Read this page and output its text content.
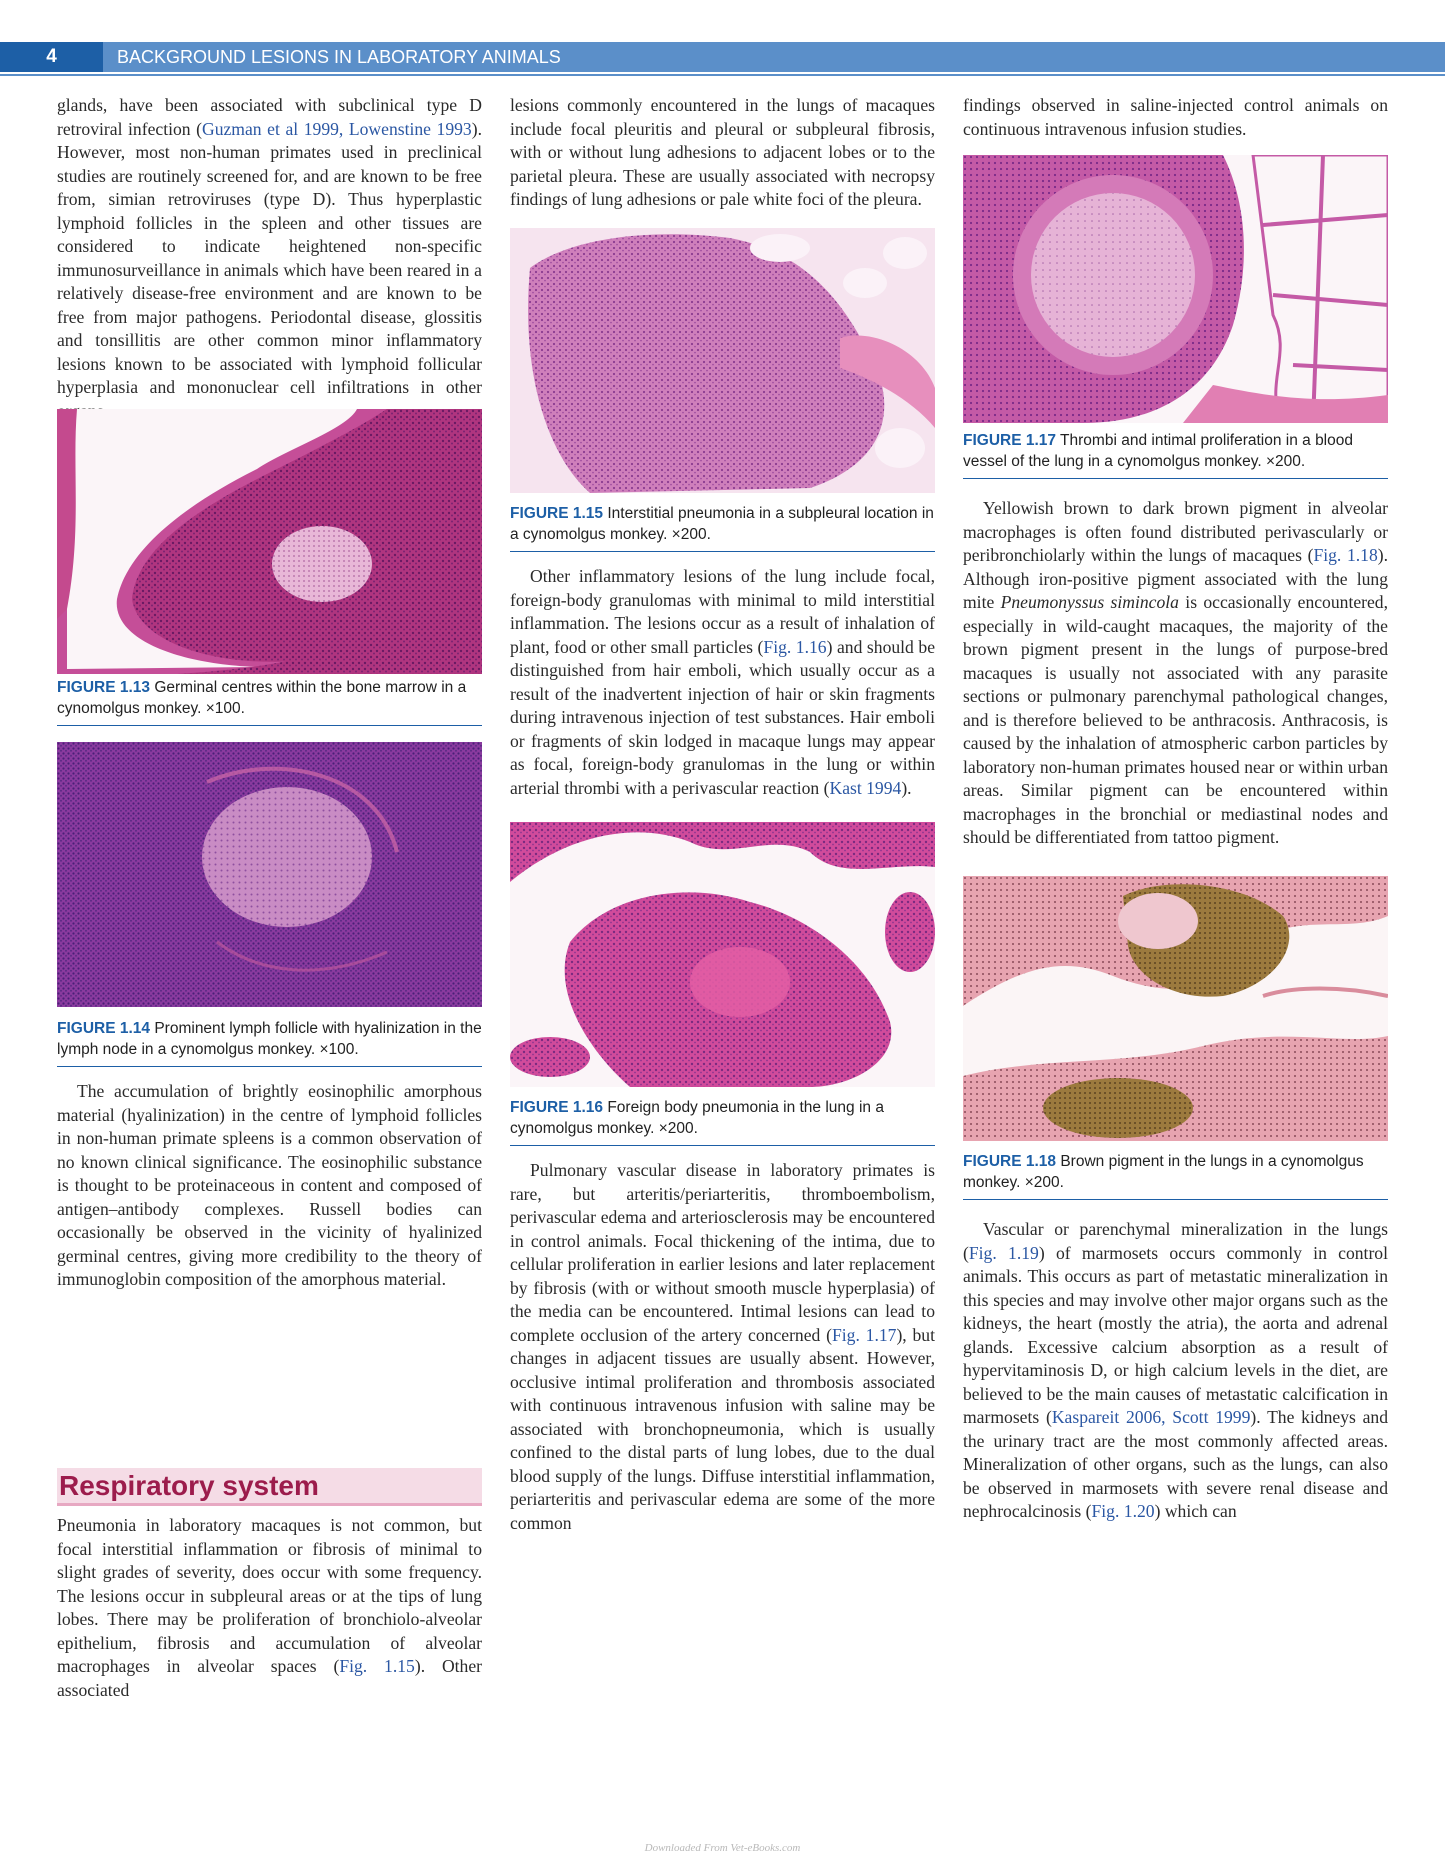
4	BACKGROUND LESIONS IN LABORATORY ANIMALS

glands, have been associated with subclinical type D retroviral infection (Guzman et al 1999, Lowenstine 1993). However, most non-human primates used in preclinical studies are routinely screened for, and are known to be free from, simian retroviruses (type D). Thus hyperplastic lymphoid follicles in the spleen and other tissues are considered to indicate heightened non-specific immunosurveillance in animals which have been reared in a relatively disease-free environment and are known to be free from major pathogens. Periodontal disease, glossitis and tonsillitis are other common minor inflammatory lesions known to be associated with lymphoid follicular hyperplasia and mononuclear cell infiltrations in other

FIGURE 1.13 Germinal centres within the bone marrow in a cynomolgus monkey. ×100.
FIGURE 1.14 Prominent lymph follicle with hyalinization in the lymph node in a cynomolgus monkey. ×100.

The accumulation of brightly eosinophilic amorphous material (hyalinization) in the centre of lymphoid follicles in non-human primate spleens is a common observation of no known clinical significance. The eosinophilic substance is thought to be proteinaceous in content and composed of antigen–antibody complexes. Russell bodies can occasionally be observed in the vicinity of hyalinized germinal centres, giving more credibility to the theory of immunoglobin composition of the amorphous material.

Respiratory system

Pneumonia in laboratory macaques is not common, but focal interstitial inflammation or fibrosis of minimal to slight grades of severity, does occur with some frequency. The lesions occur in subpleural areas or at the tips of lung lobes. There may be proliferation of bronchiolo-alveolar epithelium, fibrosis and accumulation of alveolar macrophages in alveolar spaces (Fig. 1.15). Other associated

lesions commonly encountered in the lungs of macaques include focal pleuritis and pleural or subpleural fibrosis, with or without lung adhesions to adjacent lobes or to the parietal pleura. These are usually associated with necropsy findings of lung adhesions or pale white foci of the pleura.

FIGURE 1.15 Interstitial pneumonia in a subpleural location in a cynomolgus monkey. ×200.

Other inflammatory lesions of the lung include focal, foreign-body granulomas with minimal to mild interstitial inflammation. The lesions occur as a result of inhalation of plant, food or other small particles (Fig. 1.16) and should be distinguished from hair emboli, which usually occur as a result of the inadvertent injection of hair or skin fragments during intravenous injection of test substances. Hair emboli or fragments of skin lodged in macaque lungs may appear as focal, foreign-body granulomas in the lung or within arterial thrombi with a perivascular reaction (Kast 1994).

FIGURE 1.16 Foreign body pneumonia in the lung in a cynomolgus monkey. ×200.

Pulmonary vascular disease in laboratory primates is rare, but arteritis/periarteritis, thromboembolism, perivascular edema and arteriosclerosis may be encountered in control animals. Focal thickening of the intima, due to cellular proliferation in earlier lesions and later replacement by fibrosis (with or without smooth muscle hyperplasia) of the media can be encountered. Intimal lesions can lead to complete occlusion of the artery concerned (Fig. 1.17), but changes in adjacent tissues are usually absent. However, occlusive intimal proliferation and thrombosis associated with continuous intravenous infusion with saline may be associated with bronchopneumonia, which is usually confined to the distal parts of lung lobes, due to the dual blood supply of the lungs. Diffuse interstitial inflammation, periarteritis and perivascular edema are some of the more common

findings observed in saline-injected control animals on continuous intravenous infusion studies.

FIGURE 1.17 Thrombi and intimal proliferation in a blood vessel of the lung in a cynomolgus monkey. ×200.

Yellowish brown to dark brown pigment in alveolar macrophages is often found distributed perivascularly or peribronchiolarly within the lungs of macaques (Fig. 1.18). Although iron-positive pigment associated with the lung mite Pneumonyssus simincola is occasionally encountered, especially in wild-caught macaques, the majority of the brown pigment present in the lungs of purpose-bred macaques is usually not associated with any parasite sections or pulmonary parenchymal pathological changes, and is therefore believed to be anthracosis. Anthracosis, is caused by the inhalation of atmospheric carbon particles by laboratory non-human primates housed near or within urban areas. Similar pigment can be encountered within macrophages in the bronchial or mediastinal nodes and should be differentiated from tattoo pigment.

FIGURE 1.18 Brown pigment in the lungs in a cynomolgus monkey. ×200.

Vascular or parenchymal mineralization in the lungs (Fig. 1.19) of marmosets occurs commonly in control animals. This occurs as part of metastatic mineralization in this species and may involve other major organs such as the kidneys, the heart (mostly the atria), the aorta and adrenal glands. Excessive calcium absorption as a result of hypervitaminosis D, or high calcium levels in the diet, are believed to be the main causes of metastatic calcification in marmosets (Kaspareit 2006, Scott 1999). The kidneys and the urinary tract are the most commonly affected areas. Mineralization of other organs, such as the lungs, can also be observed in marmosets with severe renal disease and nephrocalcinosis (Fig. 1.20) which can

Downloaded From Vet-eBooks.com
